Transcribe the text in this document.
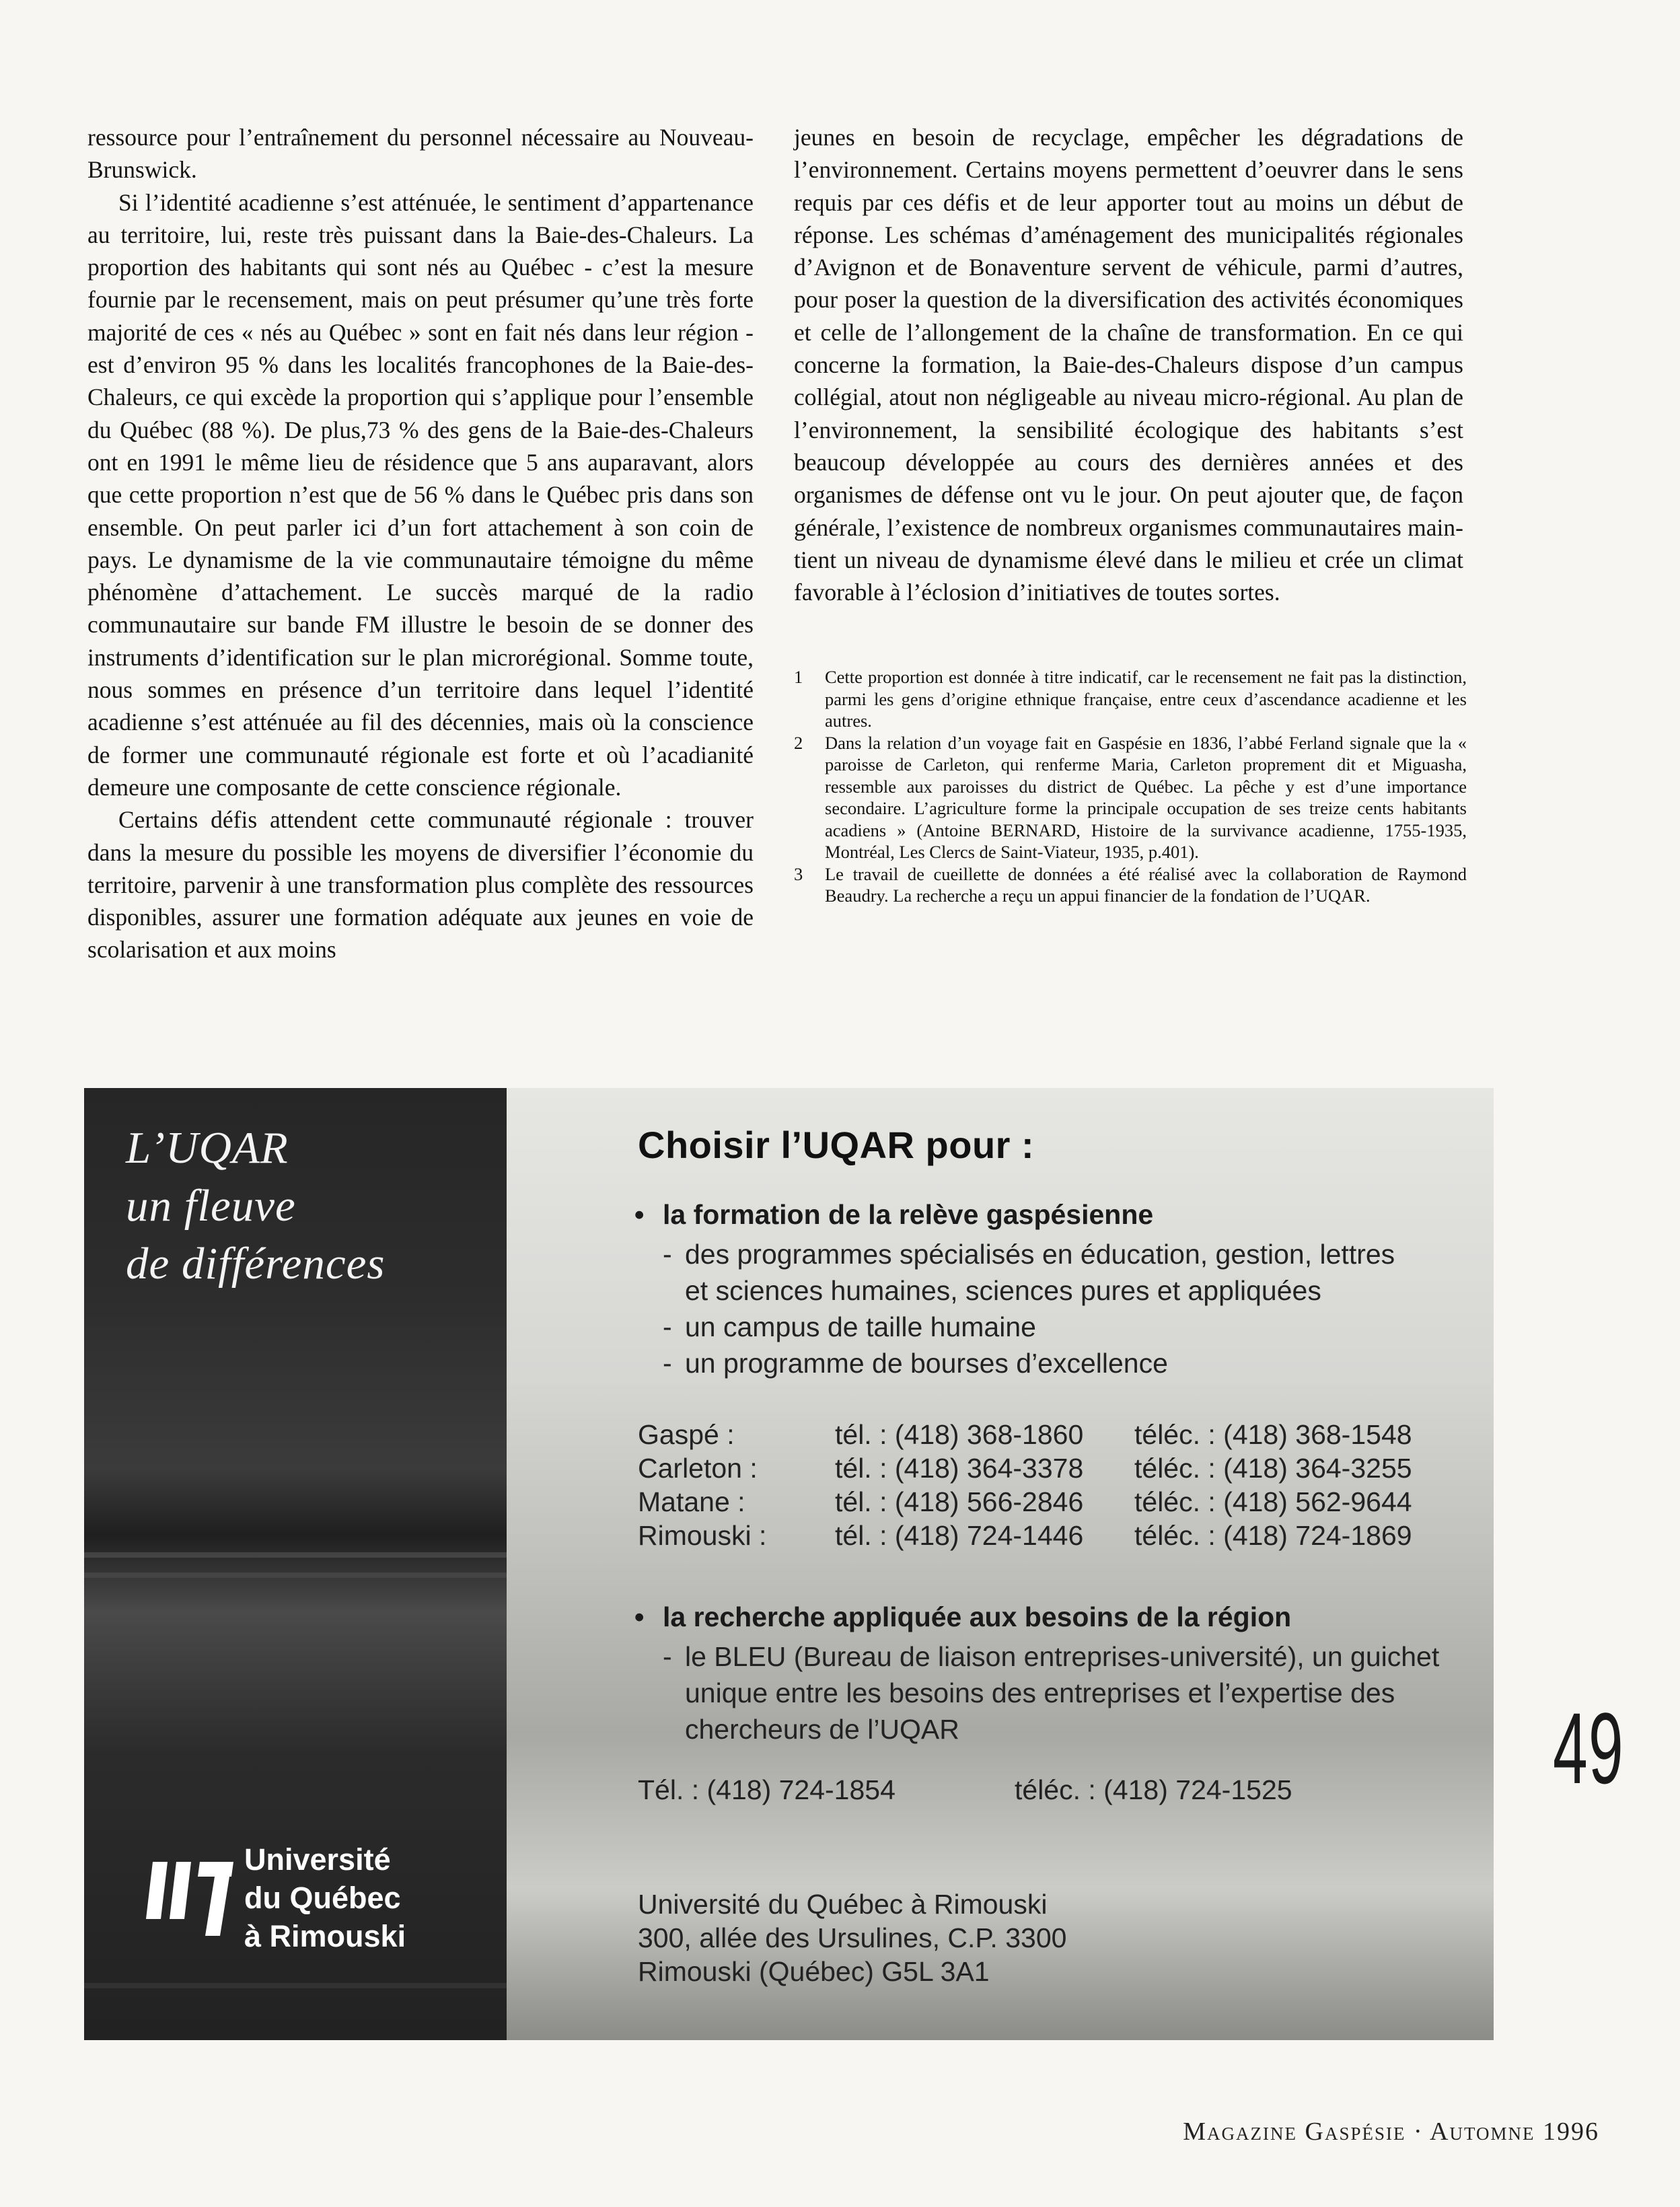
ressource pour l’entraînement du personnel nécessaire au Nouveau-Brunswick.

Si l’identité acadienne s’est atténuée, le sentiment d’appartenance au territoire, lui, reste très puissant dans la Baie-des-Chaleurs. La proportion des habitants qui sont nés au Québec - c’est la mesure fournie par le recensement, mais on peut présumer qu’une très forte majorité de ces « nés au Québec » sont en fait nés dans leur région - est d’environ 95 % dans les localités francophones de la Baie-des-Chaleurs, ce qui excède la proportion qui s’applique pour l’ensemble du Québec (88 %). De plus,73 % des gens de la Baie-des-Chaleurs ont en 1991 le même lieu de résidence que 5 ans auparavant, alors que cette proportion n’est que de 56 % dans le Québec pris dans son ensemble. On peut parler ici d’un fort attachement à son coin de pays. Le dynamisme de la vie communautaire témoigne du même phénomène d’attachement. Le succès marqué de la radio communautaire sur bande FM illustre le besoin de se donner des instruments d’identification sur le plan microrégional. Somme toute, nous sommes en présence d’un territoire dans lequel l’identité acadienne s’est atténuée au fil des décennies, mais où la conscience de former une communauté régionale est forte et où l’acadianité demeure une composante de cette conscience régionale.

Certains défis attendent cette communauté régionale : trouver dans la mesure du possible les moyens de diversifier l’économie du territoire, parvenir à une transformation plus complète des ressources disponibles, assurer une formation adéquate aux jeunes en voie de scolarisation et aux moins

jeunes en besoin de recyclage, empêcher les dégradations de l’environnement. Certains moyens permettent d’oeuvrer dans le sens requis par ces défis et de leur apporter tout au moins un début de réponse. Les schémas d’aménagement des municipalités régionales d’Avignon et de Bonaventure servent de véhicule, parmi d’autres, pour poser la question de la diversification des activités économiques et celle de l’allongement de la chaîne de transformation. En ce qui concerne la formation, la Baie-des-Chaleurs dispose d’un campus collégial, atout non négligeable au niveau micro-régional. Au plan de l’environnement, la sensibilité écologique des habitants s’est beaucoup développée au cours des dernières années et des organismes de défense ont vu le jour. On peut ajouter que, de façon générale, l’existence de nombreux organismes communautaires maintient un niveau de dynamisme élevé dans le milieu et crée un climat favorable à l’éclosion d’initiatives de toutes sortes.

1	Cette proportion est donnée à titre indicatif, car le recensement ne fait pas la distinction, parmi les gens d’origine ethnique française, entre ceux d’ascendance acadienne et les autres.
2	Dans la relation d’un voyage fait en Gaspésie en 1836, l’abbé Ferland signale que la « paroisse de Carleton, qui renferme Maria, Carleton proprement dit et Miguasha, ressemble aux paroisses du district de Québec. La pêche y est d’une importance secondaire. L’agriculture forme la principale occupation de ses treize cents habitants acadiens » (Antoine BERNARD, Histoire de la survivance acadienne, 1755-1935, Montréal, Les Clercs de Saint-Viateur, 1935, p.401).
3	Le travail de cueillette de données a été réalisé avec la collaboration de Raymond Beaudry. La recherche a reçu un appui financier de la fondation de l’UQAR.
L’UQAR
un fleuve
de différences
Université
du Québec
à Rimouski
Choisir l’UQAR pour :
• la formation de la relève gaspésienne
- des programmes spécialisés en éducation, gestion, lettres
et sciences humaines, sciences pures et appliquées
- un campus de taille humaine
- un programme de bourses d’excellence
Gaspé :	tél. : (418) 368-1860	téléc. : (418) 368-1548
Carleton :	tél. : (418) 364-3378	téléc. : (418) 364-3255
Matane :	tél. : (418) 566-2846	téléc. : (418) 562-9644
Rimouski :	tél. : (418) 724-1446	téléc. : (418) 724-1869
• la recherche appliquée aux besoins de la région
- le BLEU (Bureau de liaison entreprises-université), un guichet
unique entre les besoins des entreprises et l’expertise des
chercheurs de l’UQAR
Tél. : (418) 724-1854	téléc. : (418) 724-1525
Université du Québec à Rimouski
300, allée des Ursulines, C.P. 3300
Rimouski (Québec) G5L 3A1
49
Magazine Gaspésie · Automne 1996
